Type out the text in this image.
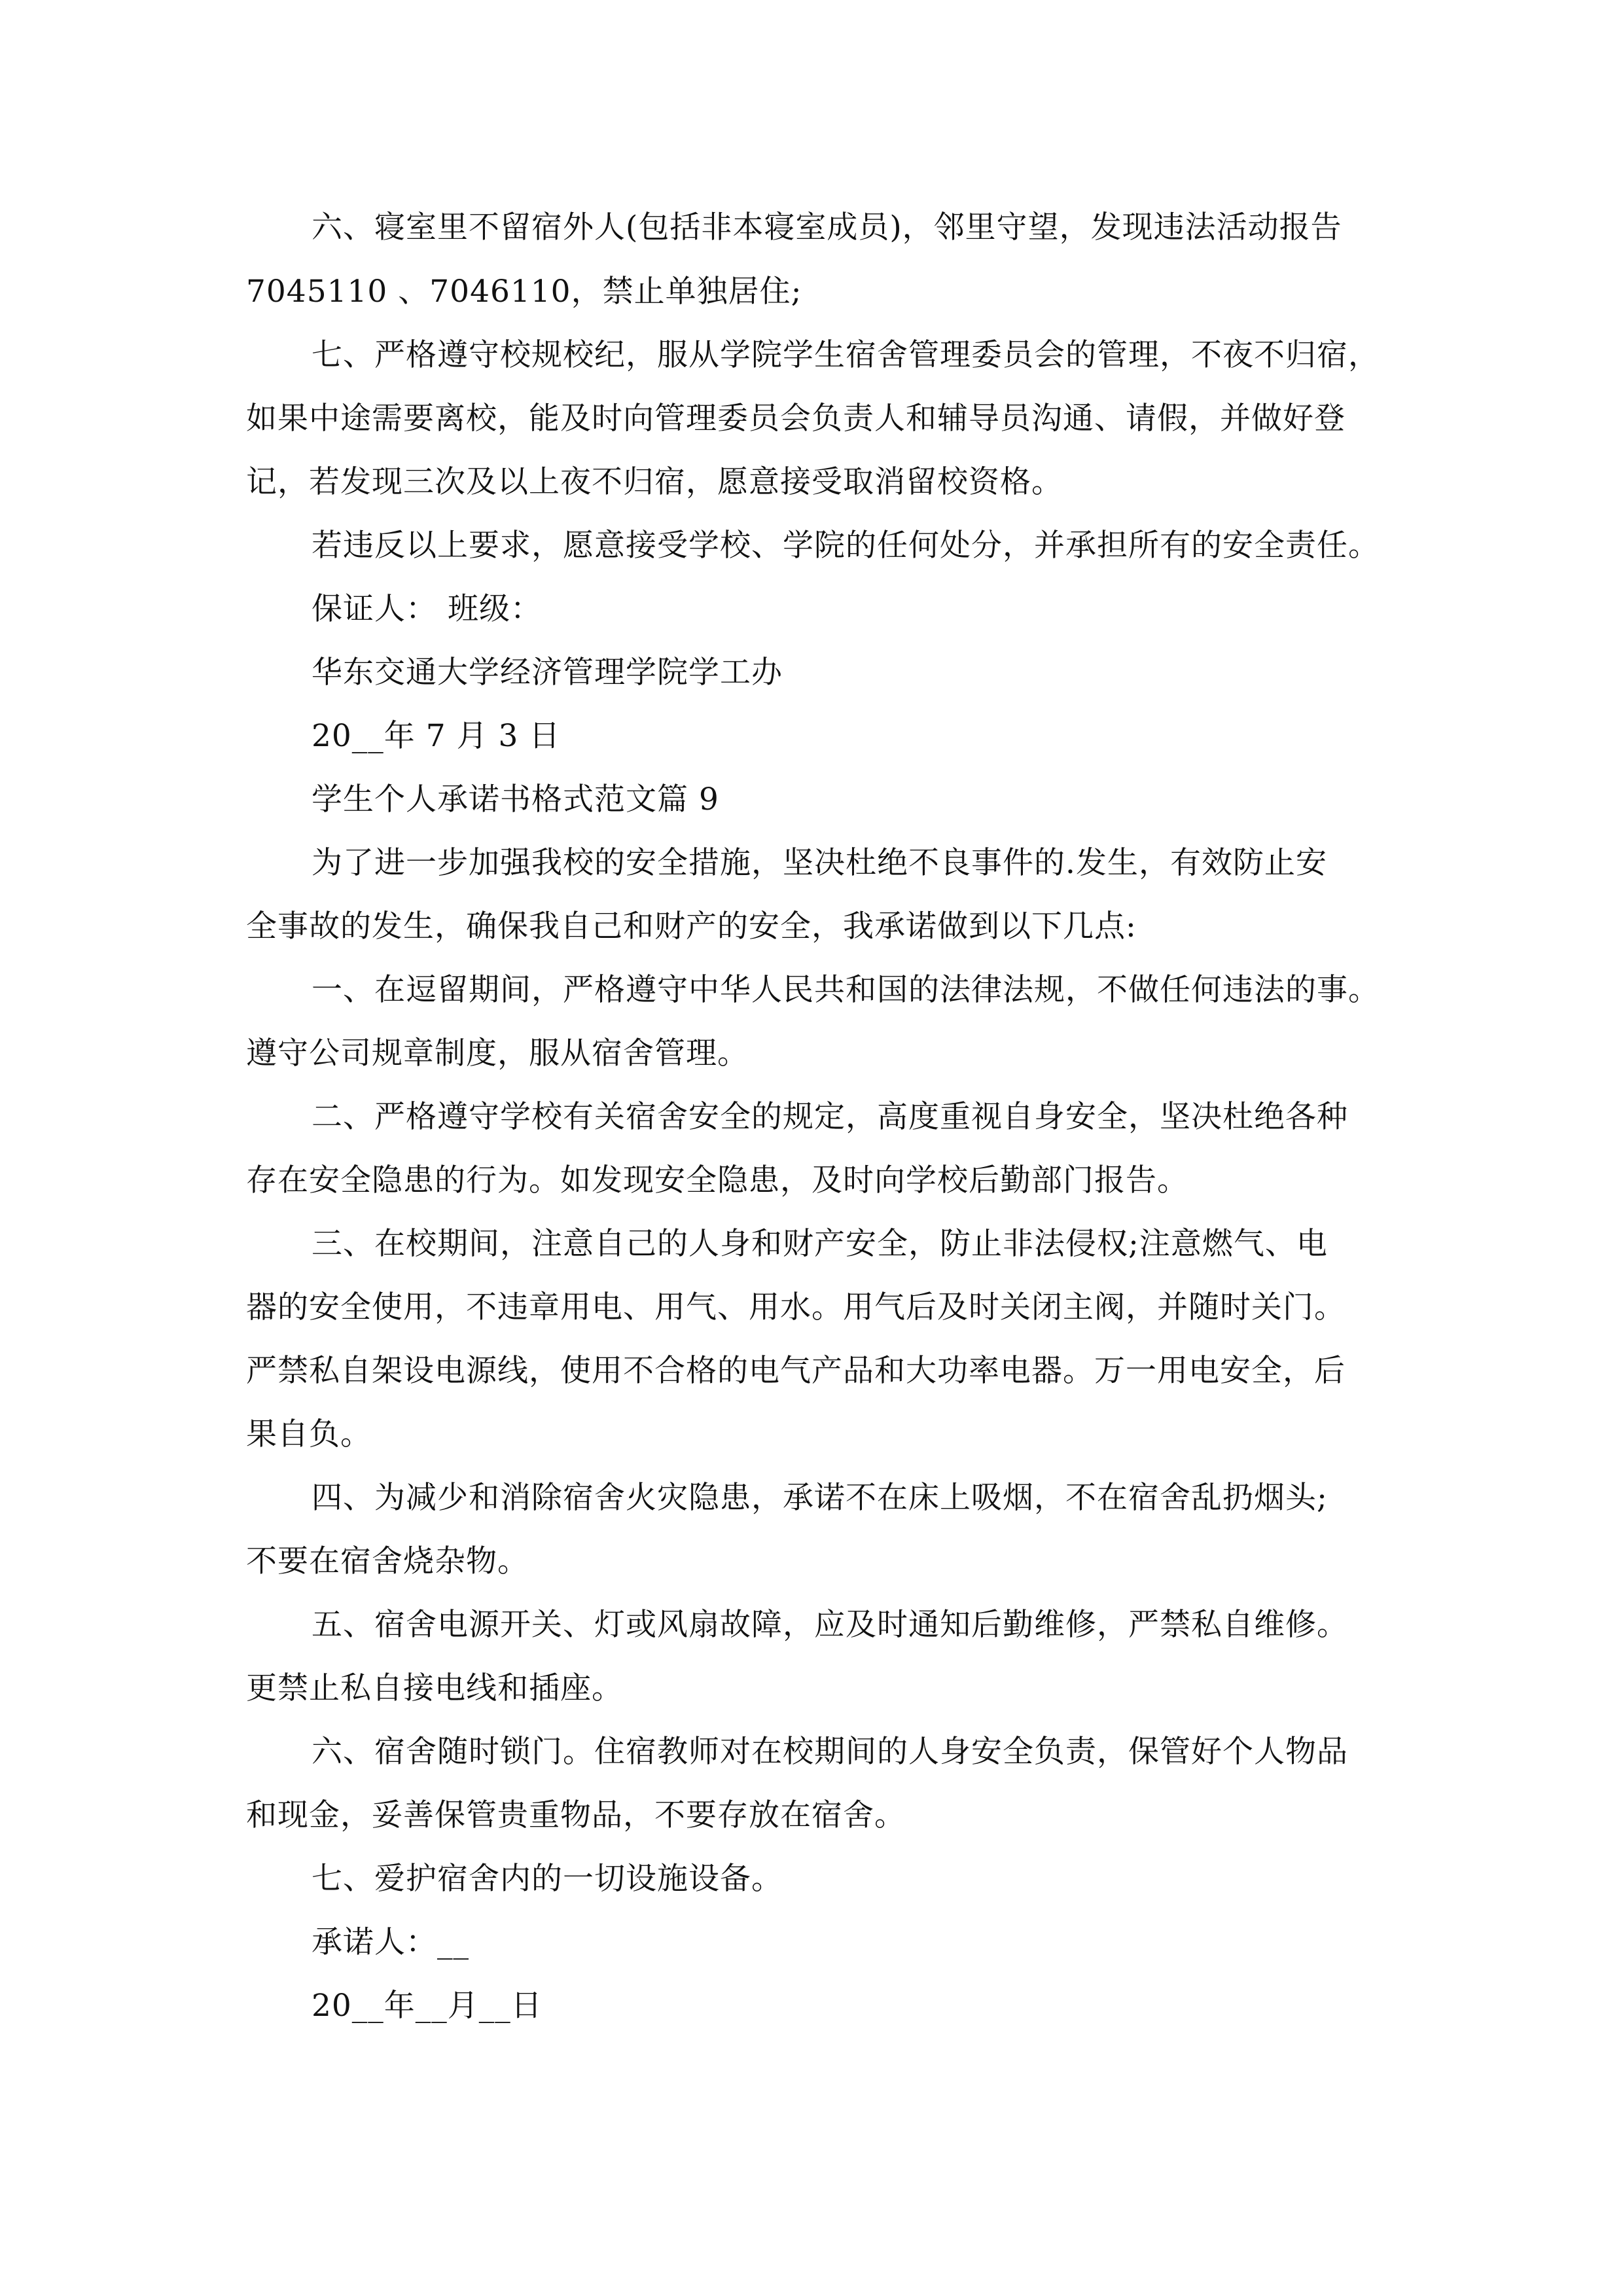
六、寝室里不留宿外人(包括非本寝室成员)，邻里守望，发现违法活动报告
7045110 、7046110，禁止单独居住;
七、严格遵守校规校纪，服从学院学生宿舍管理委员会的管理，不夜不归宿，
如果中途需要离校，能及时向管理委员会负责人和辅导员沟通、请假，并做好登
记，若发现三次及以上夜不归宿，愿意接受取消留校资格。
若违反以上要求，愿意接受学校、学院的任何处分，并承担所有的安全责任。
保证人： 班级：
华东交通大学经济管理学院学工办
20__年 7 月 3 日
学生个人承诺书格式范文篇 9
为了进一步加强我校的安全措施，坚决杜绝不良事件的.发生，有效防止安
全事故的发生，确保我自己和财产的安全，我承诺做到以下几点:
一、在逗留期间，严格遵守中华人民共和国的法律法规，不做任何违法的事。
遵守公司规章制度，服从宿舍管理。
二、严格遵守学校有关宿舍安全的规定，高度重视自身安全，坚决杜绝各种
存在安全隐患的行为。如发现安全隐患，及时向学校后勤部门报告。
三、在校期间，注意自己的人身和财产安全，防止非法侵权;注意燃气、电
器的安全使用，不违章用电、用气、用水。用气后及时关闭主阀，并随时关门。
严禁私自架设电源线，使用不合格的电气产品和大功率电器。万一用电安全，后
果自负。
四、为减少和消除宿舍火灾隐患，承诺不在床上吸烟，不在宿舍乱扔烟头;
不要在宿舍烧杂物。
五、宿舍电源开关、灯或风扇故障，应及时通知后勤维修，严禁私自维修。
更禁止私自接电线和插座。
六、宿舍随时锁门。住宿教师对在校期间的人身安全负责，保管好个人物品
和现金，妥善保管贵重物品，不要存放在宿舍。
七、爱护宿舍内的一切设施设备。
承诺人：__
20__年__月__日
